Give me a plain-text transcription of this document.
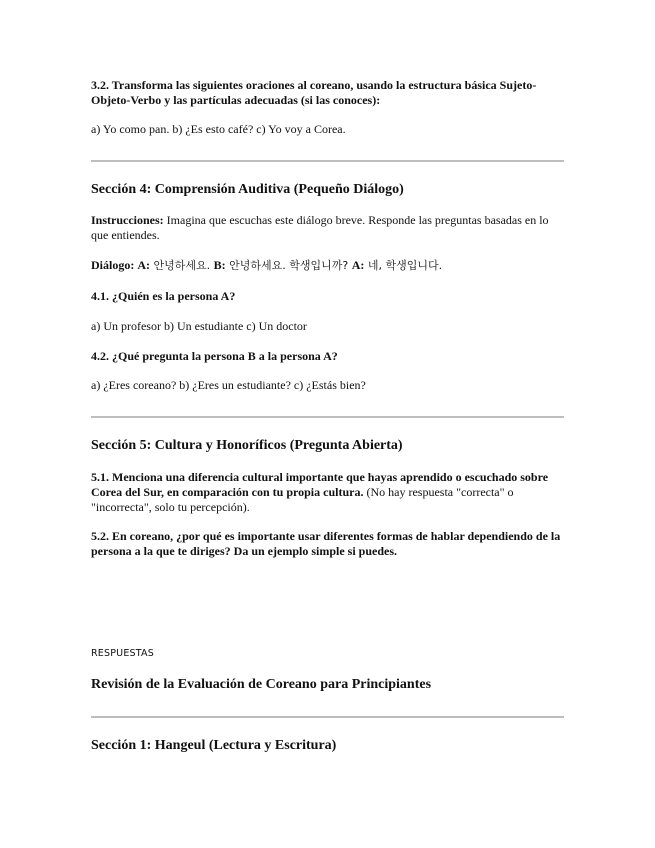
3.2. Transforma las siguientes oraciones al coreano, usando la estructura básica Sujeto-Objeto-Verbo y las partículas adecuadas (si las conoces):
a) Yo como pan. b) ¿Es esto café? c) Yo voy a Corea.
Sección 4: Comprensión Auditiva (Pequeño Diálogo)
Instrucciones: Imagina que escuchas este diálogo breve. Responde las preguntas basadas en lo que entiendes.
Diálogo: A: 안녕하세요. B: 안녕하세요. 학생입니까? A: 네, 학생입니다.
4.1. ¿Quién es la persona A?
a) Un profesor b) Un estudiante c) Un doctor
4.2. ¿Qué pregunta la persona B a la persona A?
a) ¿Eres coreano? b) ¿Eres un estudiante? c) ¿Estás bien?
Sección 5: Cultura y Honoríficos (Pregunta Abierta)
5.1. Menciona una diferencia cultural importante que hayas aprendido o escuchado sobre Corea del Sur, en comparación con tu propia cultura. (No hay respuesta "correcta" o "incorrecta", solo tu percepción).
5.2. En coreano, ¿por qué es importante usar diferentes formas de hablar dependiendo de la persona a la que te diriges? Da un ejemplo simple si puedes.
RESPUESTAS
Revisión de la Evaluación de Coreano para Principiantes
Sección 1: Hangeul (Lectura y Escritura)
